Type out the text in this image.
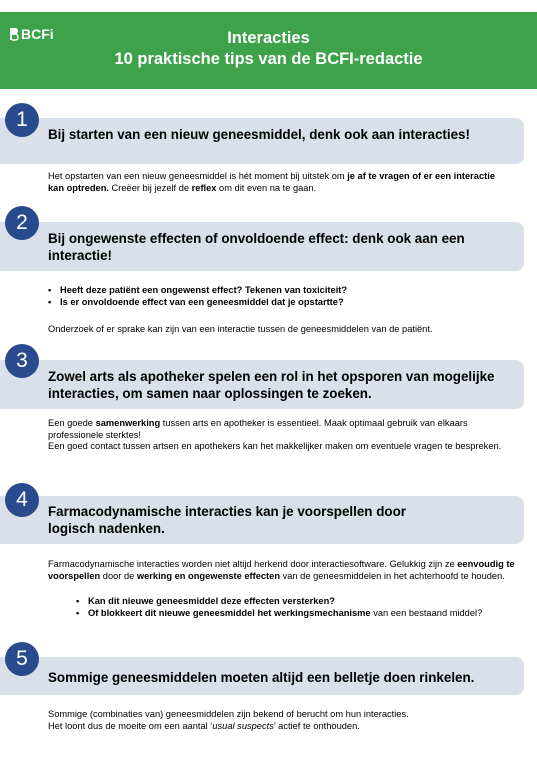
BCFi	Interacties
10 praktische tips van de BCFI-redactie
1
Bij starten van een nieuw geneesmiddel, denk ook aan interacties!
Het opstarten van een nieuw geneesmiddel is hét moment bij uitstek om je af te vragen of er een interactie kan optreden. Creëer bij jezelf de reflex om dit even na te gaan.
2
Bij ongewenste effecten of onvoldoende effect: denk ook aan een interactie!
• Heeft deze patiënt een ongewenst effect? Tekenen van toxiciteit?
• Is er onvoldoende effect van een geneesmiddel dat je opstartte?
Onderzoek of er sprake kan zijn van een interactie tussen de geneesmiddelen van de patiënt.
3
Zowel arts als apotheker spelen een rol in het opsporen van mogelijke interacties, om samen naar oplossingen te zoeken.
Een goede samenwerking tussen arts en apotheker is essentieel. Maak optimaal gebruik van elkaars professionele sterktes!
Een goed contact tussen artsen en apothekers kan het makkelijker maken om eventuele vragen te bespreken.
4
Farmacodynamische interacties kan je voorspellen door logisch nadenken.
Farmacodynamische interacties worden niet altijd herkend door interactiesoftware. Gelukkig zijn ze eenvoudig te voorspellen door de werking en ongewenste effecten van de geneesmiddelen in het achterhoofd te houden.
• Kan dit nieuwe geneesmiddel deze effecten versterken?
• Of blokkeert dit nieuwe geneesmiddel het werkingsmechanisme van een bestaand middel?
5
Sommige geneesmiddelen moeten altijd een belletje doen rinkelen.
Sommige (combinaties van) geneesmiddelen zijn bekend of berucht om hun interacties.
Het loont dus de moeite om een aantal ‘usual suspects’ actief te onthouden.
